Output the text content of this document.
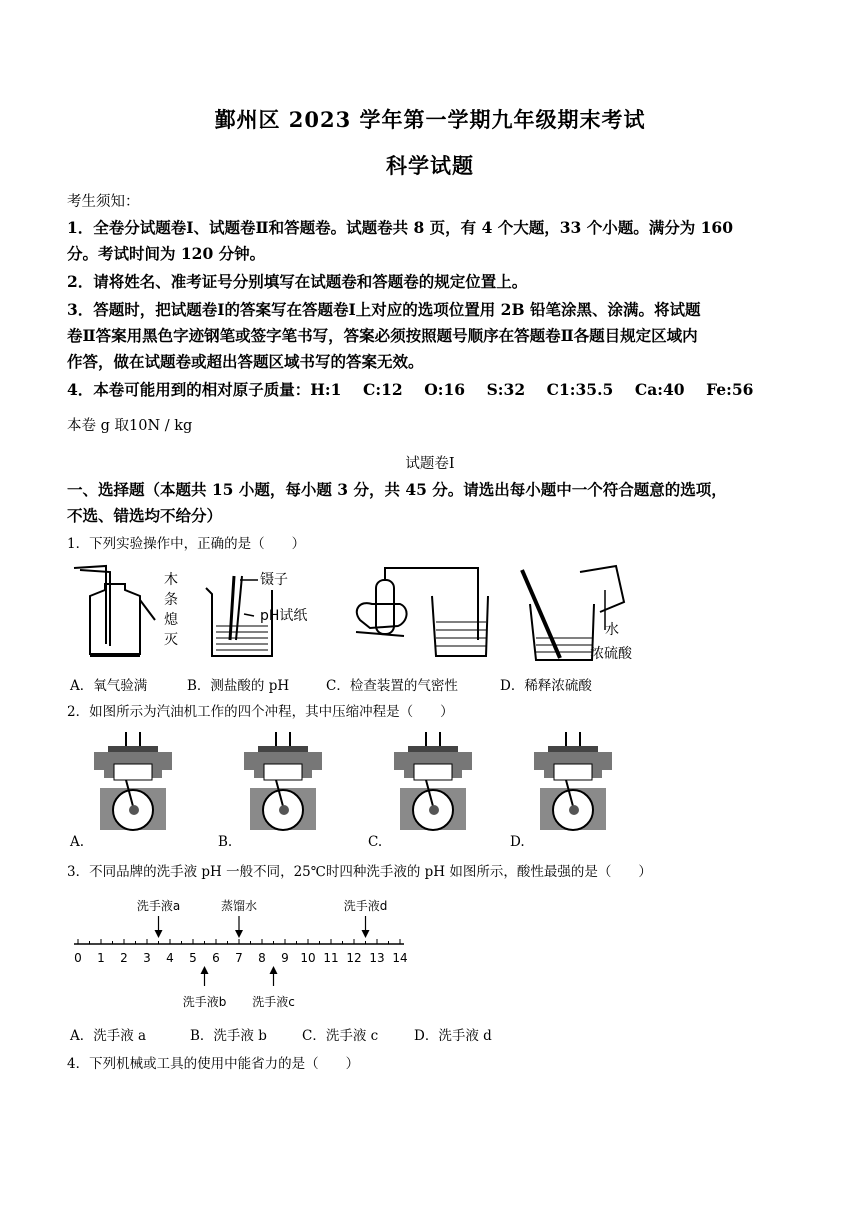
鄞州区 2023 学年第一学期九年级期末考试
科学试题
考生须知：
1．全卷分试题卷Ⅰ、试题卷Ⅱ和答题卷。试题卷共 8 页，有 4 个大题，33 个小题。满分为 160
分。考试时间为 120 分钟。
2．请将姓名、准考证号分别填写在试题卷和答题卷的规定位置上。
3．答题时，把试题卷Ⅰ的答案写在答题卷Ⅰ上对应的选项位置用 2B 铅笔涂黑、涂满。将试题
卷Ⅱ答案用黑色字迹钢笔或签字笔书写，答案必须按照题号顺序在答题卷Ⅱ各题目规定区域内
作答，做在试题卷或超出答题区域书写的答案无效。
4．本卷可能用到的相对原子质量：H:1    C:12    O:16    S:32    C1:35.5    Ca:40    Fe:56
本卷 g 取10N / kg
试题卷Ⅰ
一、选择题（本题共 15 小题，每小题 3 分，共 45 分。请选出每小题中一个符合题意的选项，
不选、错选均不给分）
1．下列实验操作中，正确的是（　　）
木
条
熄
灭
镊子
pH试纸
水
浓硫酸
A．氧气验满	B．测盐酸的 pH	C．检查装置的气密性	D．稀释浓硫酸
2．如图所示为汽油机工作的四个冲程，其中压缩冲程是（　　）
A.	B.	C.	D.
3．不同品牌的洗手液 pH 一般不同，25℃时四种洗手液的 pH 如图所示，酸性最强的是（　　）
0 1 2 3 4 5 6 7 8 9 10 11 12 13 14
洗手液a	蒸馏水	洗手液d
洗手液b 洗手液c
A．洗手液 a	B．洗手液 b	C．洗手液 c	D．洗手液 d
4．下列机械或工具的使用中能省力的是（　　）
